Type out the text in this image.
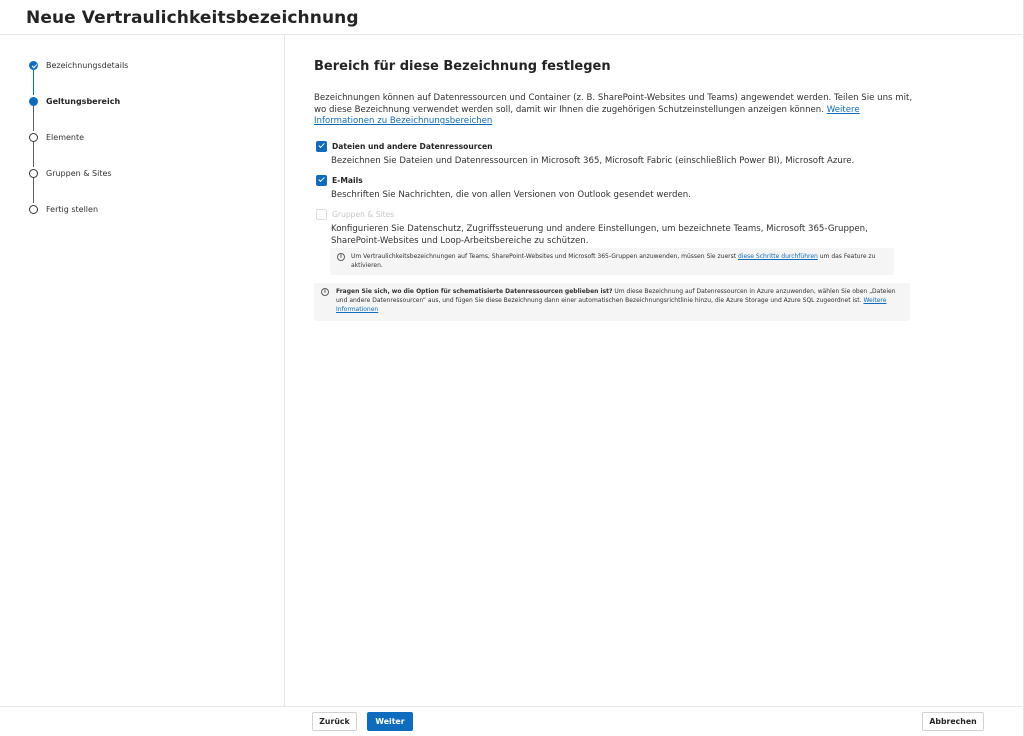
Neue Vertraulichkeitsbezeichnung
Bezeichnungsdetails
Geltungsbereich
Elemente
Gruppen & Sites
Fertig stellen
Bereich für diese Bezeichnung festlegen
Bezeichnungen können auf Datenressourcen und Container (z. B. SharePoint-Websites und Teams) angewendet werden. Teilen Sie uns mit, wo diese Bezeichnung verwendet werden soll, damit wir Ihnen die zugehörigen Schutzeinstellungen anzeigen können. Weitere Informationen zu Bezeichnungsbereichen
Dateien und andere Datenressourcen
Bezeichnen Sie Dateien und Datenressourcen in Microsoft 365, Microsoft Fabric (einschließlich Power BI), Microsoft Azure.
E-Mails
Beschriften Sie Nachrichten, die von allen Versionen von Outlook gesendet werden.
Gruppen & Sites
Konfigurieren Sie Datenschutz, Zugriffssteuerung und andere Einstellungen, um bezeichnete Teams, Microsoft 365-Gruppen, SharePoint-Websites und Loop-Arbeitsbereiche zu schützen.
i	Um Vertraulichkeitsbezeichnungen auf Teams, SharePoint-Websites und Microsoft 365-Gruppen anzuwenden, müssen Sie zuerst diese Schritte durchführen um das Feature zu aktivieren.
i	Fragen Sie sich, wo die Option für schematisierte Datenressourcen geblieben ist? Um diese Bezeichnung auf Datenressourcen in Azure anzuwenden, wählen Sie oben „Dateien und andere Datenressourcen“ aus, und fügen Sie diese Bezeichnung dann einer automatischen Bezeichnungsrichtlinie hinzu, die Azure Storage und Azure SQL zugeordnet ist. Weitere Informationen
Zurück	Weiter	Abbrechen
